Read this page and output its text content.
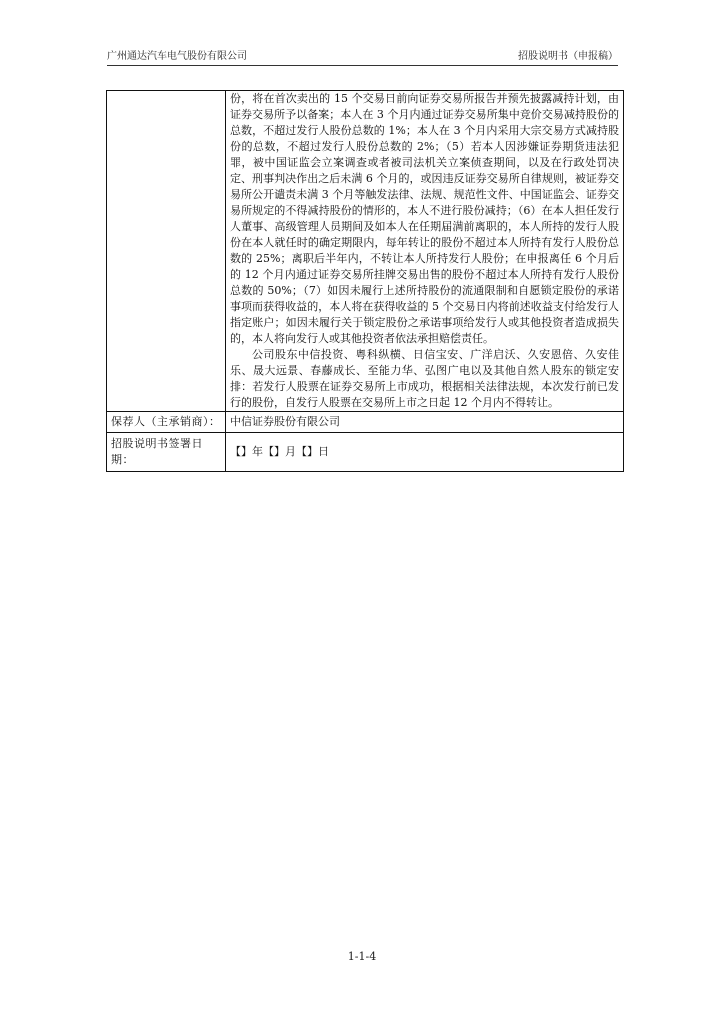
广州通达汽车电气股份有限公司	招股说明书（申报稿）

	份，将在首次卖出的 15 个交易日前向证券交易所报告并预先披露减持计划，由证券交易所予以备案；本人在 3 个月内通过证券交易所集中竞价交易减持股份的总数，不超过发行人股份总数的 1%；本人在 3 个月内采用大宗交易方式减持股份的总数，不超过发行人股份总数的 2%；（5）若本人因涉嫌证券期货违法犯罪，被中国证监会立案调查或者被司法机关立案侦查期间，以及在行政处罚决定、刑事判决作出之后未满 6 个月的，或因违反证券交易所自律规则，被证券交易所公开谴责未满 3 个月等触发法律、法规、规范性文件、中国证监会、证券交易所规定的不得减持股份的情形的，本人不进行股份减持；（6）在本人担任发行人董事、高级管理人员期间及如本人在任期届满前离职的，本人所持的发行人股份在本人就任时的确定期限内，每年转让的股份不超过本人所持有发行人股份总数的 25%；离职后半年内，不转让本人所持发行人股份；在申报离任 6 个月后的 12 个月内通过证券交易所挂牌交易出售的股份不超过本人所持有发行人股份总数的 50%；（7）如因未履行上述所持股份的流通限制和自愿锁定股份的承诺事项而获得收益的，本人将在获得收益的 5 个交易日内将前述收益支付给发行人指定账户；如因未履行关于锁定股份之承诺事项给发行人或其他投资者造成损失的，本人将向发行人或其他投资者依法承担赔偿责任。

公司股东中信投资、粤科纵横、日信宝安、广洋启沃、久安恩倍、久安佳乐、晟大远景、春藤成长、至能力华、弘图广电以及其他自然人股东的锁定安排：若发行人股票在证券交易所上市成功，根据相关法律法规，本次发行前已发行的股份，自发行人股票在交易所上市之日起 12 个月内不得转让。

保荐人（主承销商）：	中信证券股份有限公司
招股说明书签署日期：	【】年【】月【】日
1-1-4
